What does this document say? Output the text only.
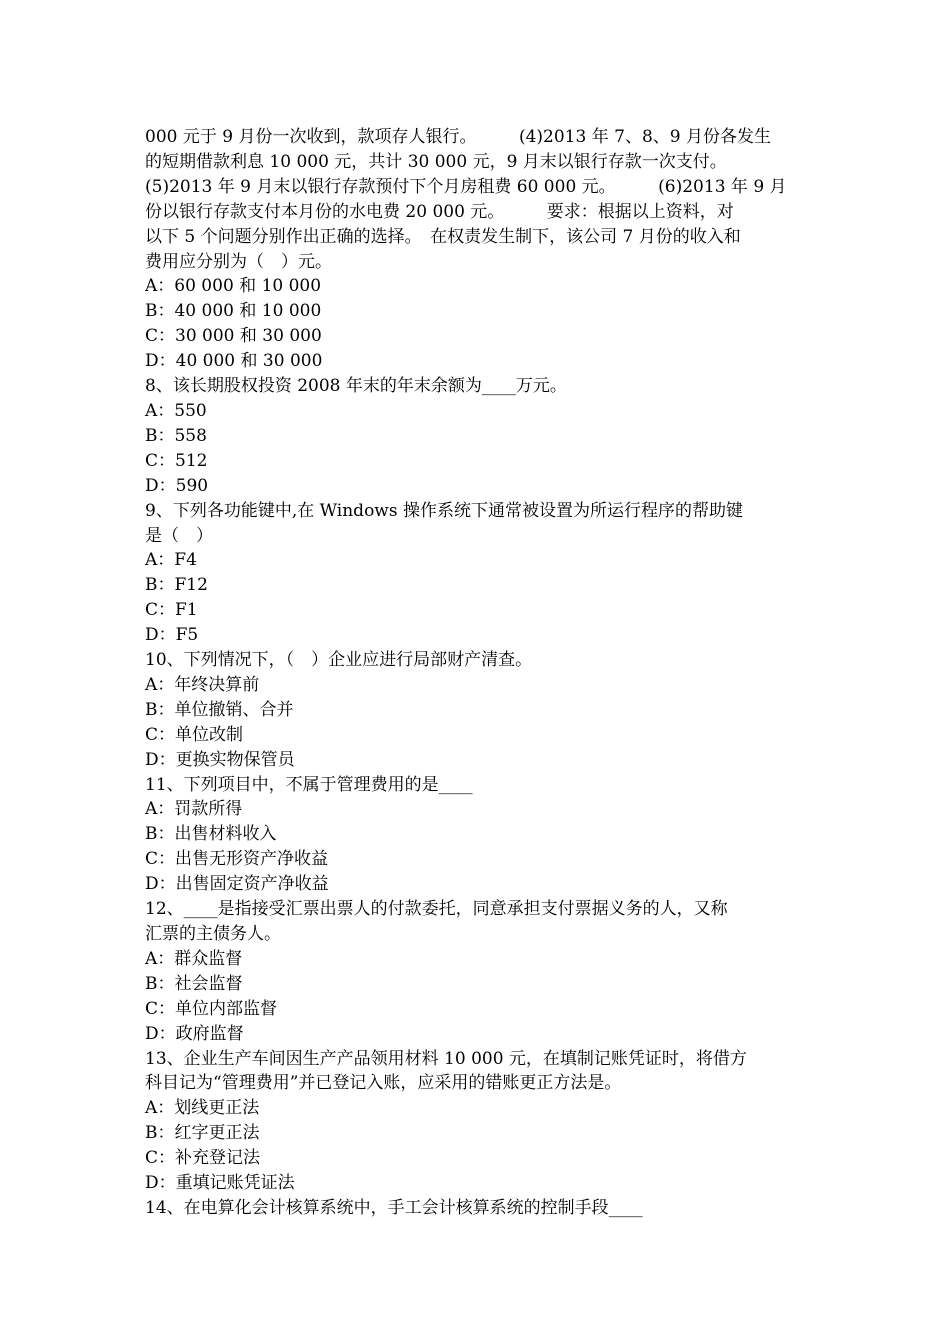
000 元于 9 月份一次收到，款项存人银行。　　　(4)2013 年 7、8、9 月份各发生

的短期借款利息 10 000 元，共计 30 000 元，9 月末以银行存款一次支付。

(5)2013 年 9 月末以银行存款预付下个月房租费 60 000 元。　　　(6)2013 年 9 月

份以银行存款支付本月份的水电费 20 000 元。　　　要求：根据以上资料，对

以下 5 个问题分别作出正确的选择。　在权责发生制下，该公司 7 月份的收入和

费用应分别为（　）元。

A：60 000 和 10 000

B：40 000 和 10 000

C：30 000 和 30 000

D：40 000 和 30 000

8、该长期股权投资 2008 年末的年末余额为____万元。

A：550

B：558

C：512

D：590

9、下列各功能键中,在 Windows 操作系统下通常被设置为所运行程序的帮助键

是（　）

A：F4

B：F12

C：F1

D：F5

10、下列情况下，（　）企业应进行局部财产清查。

A：年终决算前

B：单位撤销、合并

C：单位改制

D：更换实物保管员

11、下列项目中，不属于管理费用的是____

A：罚款所得

B：出售材料收入

C：出售无形资产净收益

D：出售固定资产净收益

12、____是指接受汇票出票人的付款委托，同意承担支付票据义务的人，又称

汇票的主债务人。

A：群众监督

B：社会监督

C：单位内部监督

D：政府监督

13、企业生产车间因生产产品领用材料 10 000 元，在填制记账凭证时，将借方

科目记为“管理费用”并已登记入账，应采用的错账更正方法是。

A：划线更正法

B：红字更正法

C：补充登记法

D：重填记账凭证法

14、在电算化会计核算系统中，手工会计核算系统的控制手段____
